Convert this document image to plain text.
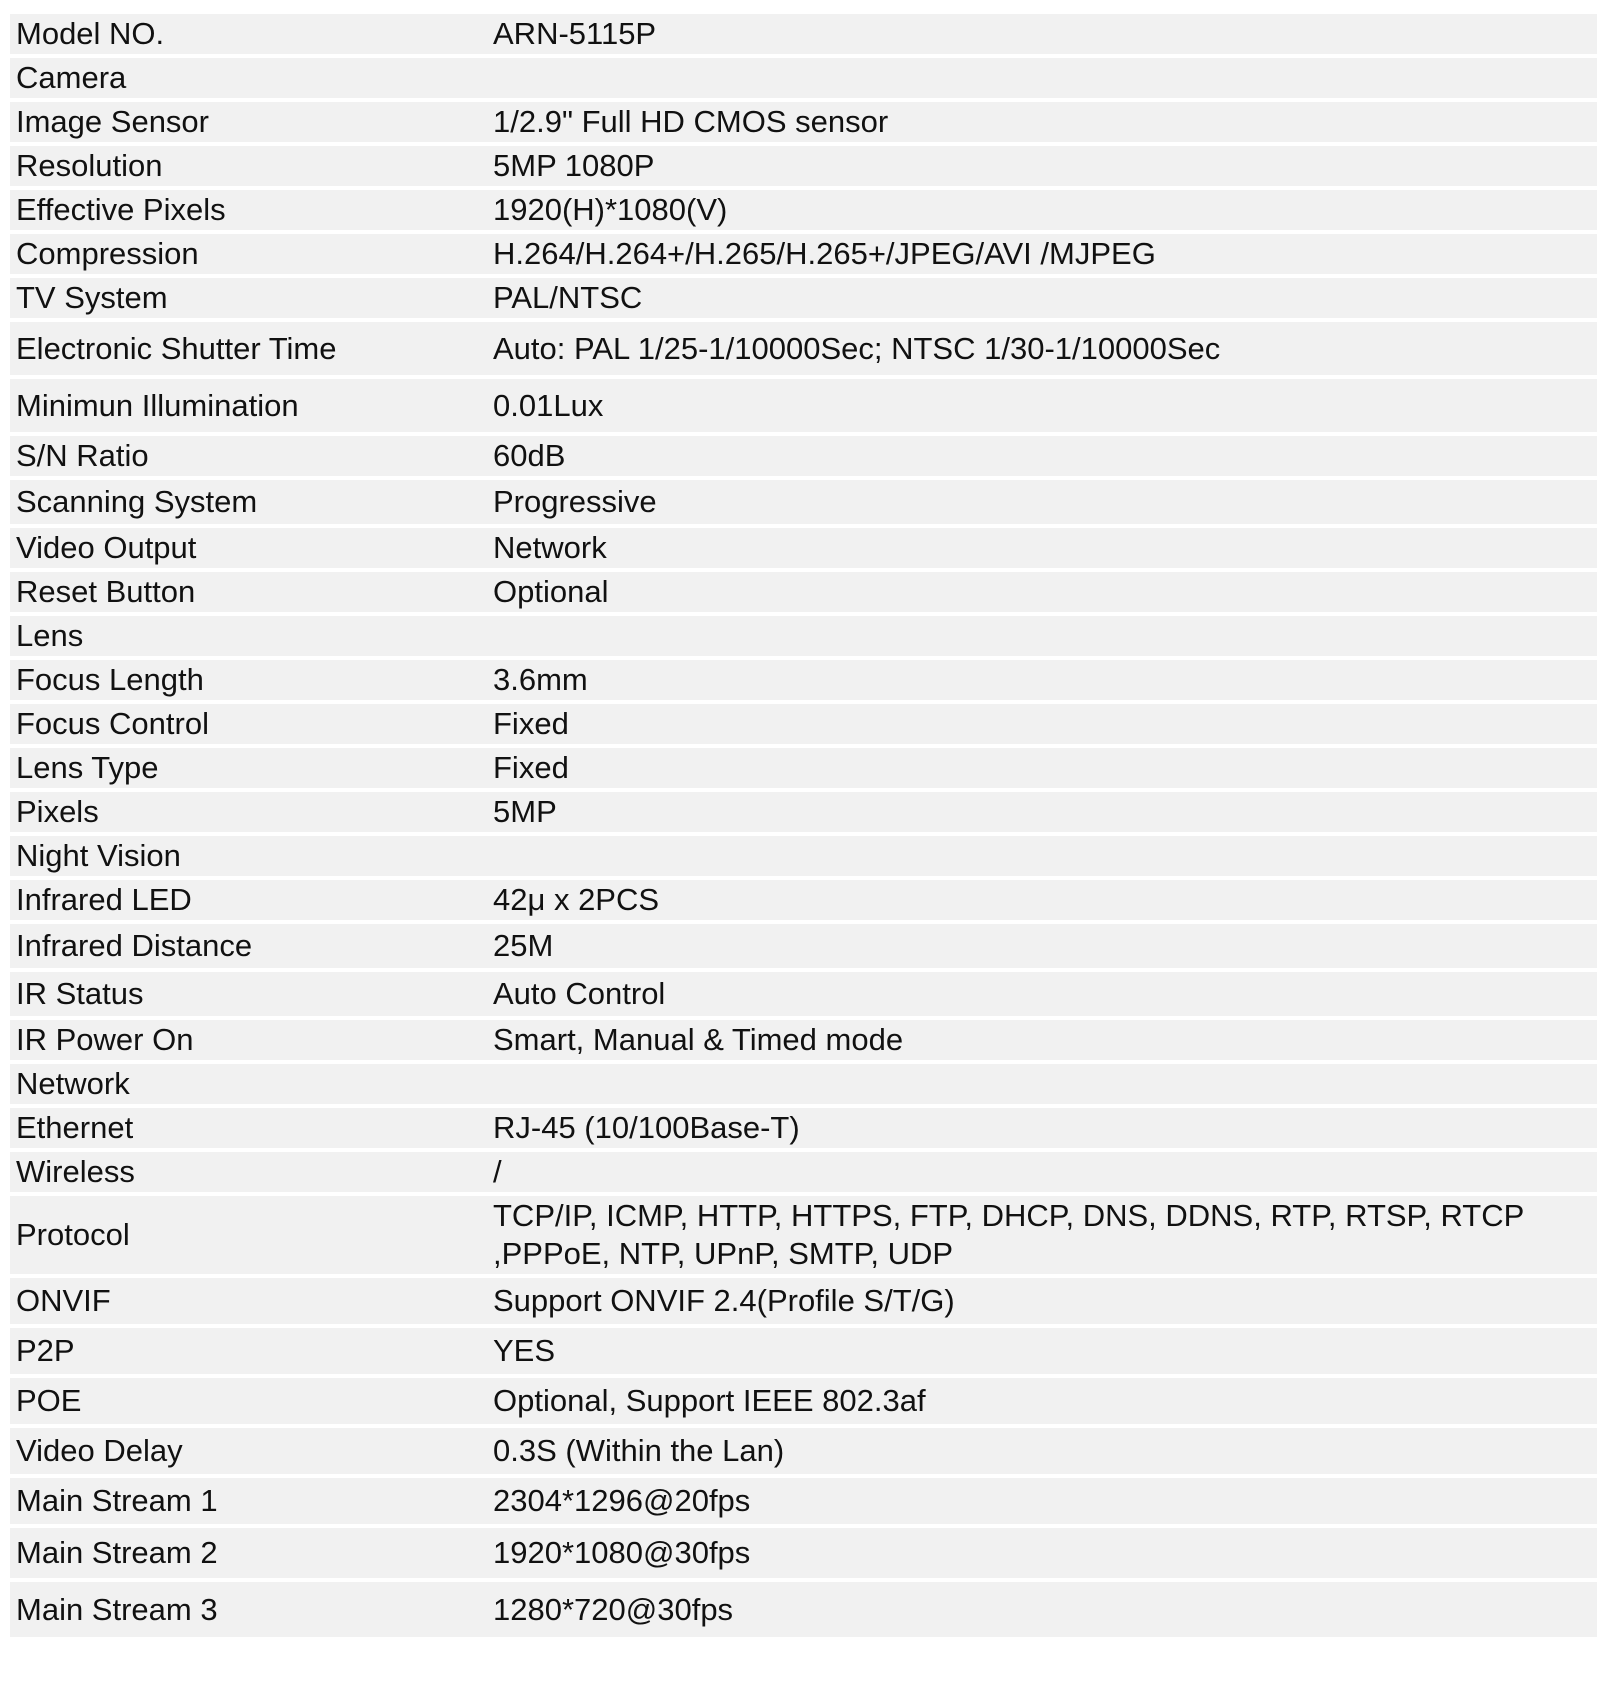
Model NO.	ARN-5115P
Camera	
Image Sensor	1/2.9" Full HD CMOS sensor
Resolution	5MP 1080P
Effective Pixels	1920(H)*1080(V)
Compression	H.264/H.264+/H.265/H.265+/JPEG/AVI /MJPEG
TV System	PAL/NTSC
Electronic Shutter Time	Auto: PAL 1/25-1/10000Sec; NTSC 1/30-1/10000Sec
Minimun Illumination	0.01Lux
S/N Ratio	60dB
Scanning System	Progressive
Video Output	Network
Reset Button	Optional
Lens	
Focus Length	3.6mm
Focus Control	Fixed
Lens Type	Fixed
Pixels	5MP
Night Vision	
Infrared LED	42μ x 2PCS
Infrared Distance	25M
IR Status	Auto Control
IR Power On	Smart, Manual & Timed mode
Network	
Ethernet	RJ-45 (10/100Base-T)
Wireless	/
Protocol	TCP/IP, ICMP, HTTP, HTTPS, FTP, DHCP, DNS, DDNS, RTP, RTSP, RTCP ,PPPoE, NTP, UPnP, SMTP, UDP
ONVIF	Support ONVIF 2.4(Profile S/T/G)
P2P	YES
POE	Optional, Support IEEE 802.3af
Video Delay	0.3S (Within the Lan)
Main Stream 1	2304*1296@20fps
Main Stream 2	1920*1080@30fps
Main Stream 3	1280*720@30fps
